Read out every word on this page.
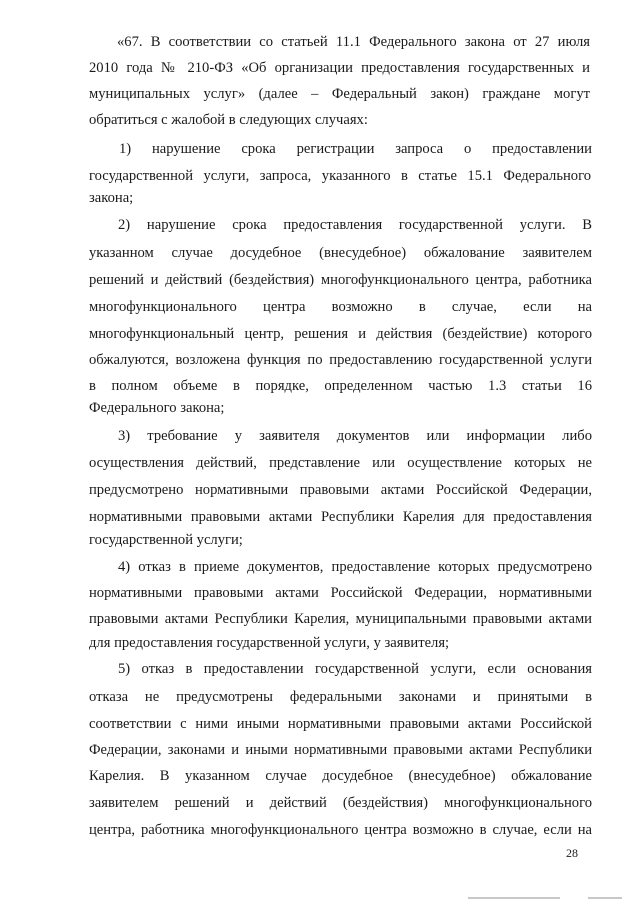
«67. В соответствии со статьей 11.1 Федерального закона от 27 июля
2010 года № 210-ФЗ «Об организации предоставления государственных и
муниципальных услуг» (далее – Федеральный закон) граждане могут
обратиться с жалобой в следующих случаях:
1) нарушение срока регистрации запроса о предоставлении
государственной услуги, запроса, указанного в статье 15.1 Федерального
закона;
2) нарушение срока предоставления государственной услуги. В
указанном случае досудебное (внесудебное) обжалование заявителем
решений и действий (бездействия) многофункционального центра, работника
многофункционального центра возможно в случае, если на
многофункциональный центр, решения и действия (бездействие) которого
обжалуются, возложена функция по предоставлению государственной услуги
в полном объеме в порядке, определенном частью 1.3 статьи 16
Федерального закона;
3) требование у заявителя документов или информации либо
осуществления действий, представление или осуществление которых не
предусмотрено нормативными правовыми актами Российской Федерации,
нормативными правовыми актами Республики Карелия для предоставления
государственной услуги;
4) отказ в приеме документов, предоставление которых предусмотрено
нормативными правовыми актами Российской Федерации, нормативными
правовыми актами Республики Карелия, муниципальными правовыми актами
для предоставления государственной услуги, у заявителя;
5) отказ в предоставлении государственной услуги, если основания
отказа не предусмотрены федеральными законами и принятыми в
соответствии с ними иными нормативными правовыми актами Российской
Федерации, законами и иными нормативными правовыми актами Республики
Карелия. В указанном случае досудебное (внесудебное) обжалование
заявителем решений и действий (бездействия) многофункционального
центра, работника многофункционального центра возможно в случае, если на
28
